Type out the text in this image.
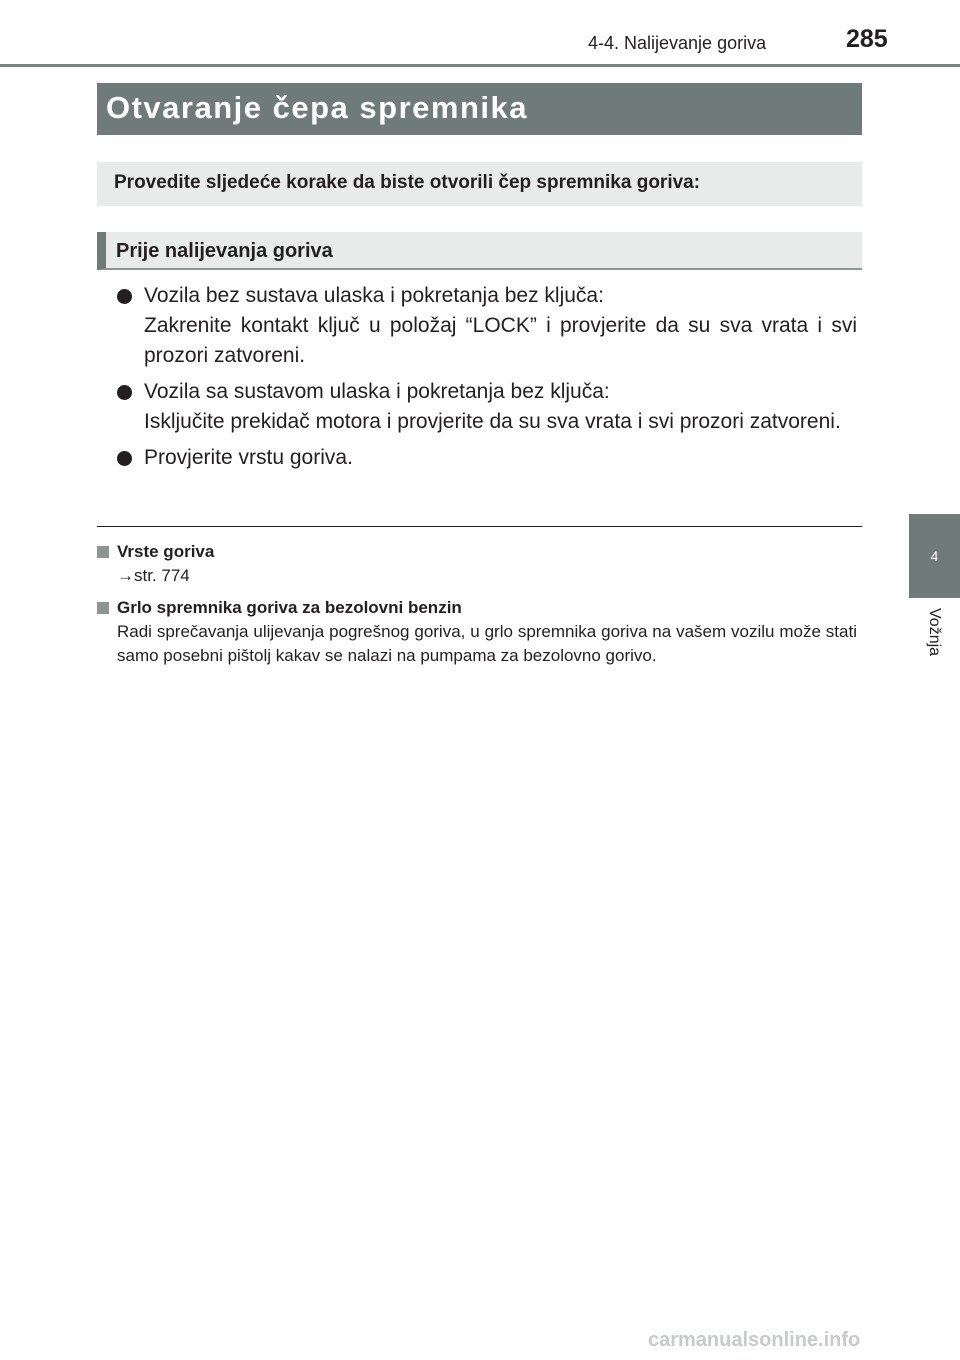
4-4. Nalijevanje goriva	285
4
Vožnja
Otvaranje čepa spremnika
Provedite sljedeće korake da biste otvorili čep spremnika goriva:
Prije nalijevanja goriva
Vozila bez sustava ulaska i pokretanja bez ključa:
Zakrenite kontakt ključ u položaj “LOCK” i provjerite da su sva vrata i svi prozori zatvoreni.
Vozila sa sustavom ulaska i pokretanja bez ključa:
Isključite prekidač motora i provjerite da su sva vrata i svi prozori zatvoreni.
Provjerite vrstu goriva.
Vrste goriva
→str. 774
Grlo spremnika goriva za bezolovni benzin
Radi sprečavanja ulijevanja pogrešnog goriva, u grlo spremnika goriva na vašem vozilu može stati samo posebni pištolj kakav se nalazi na pumpama za bezolovno gorivo.
carmanualsonline.info
